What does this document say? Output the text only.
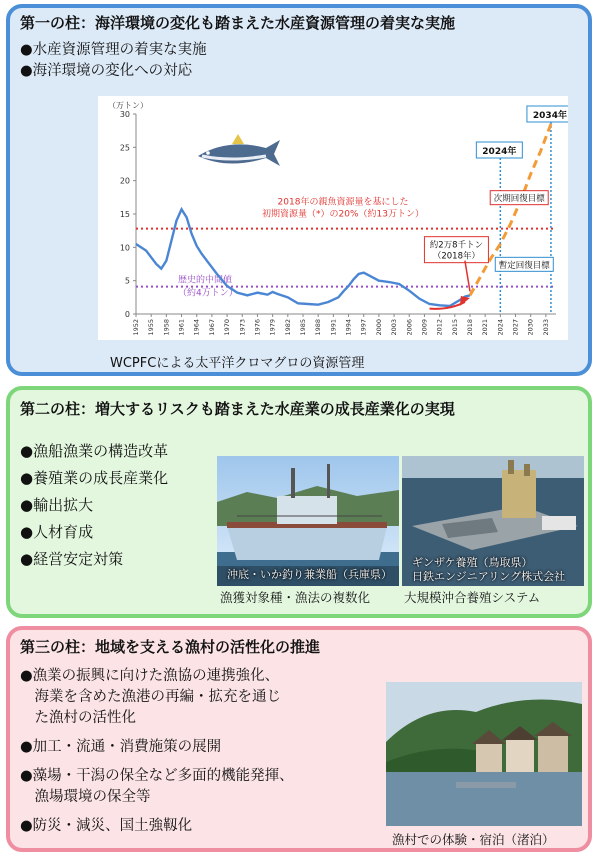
第一の柱：海洋環境の変化も踏まえた水産資源管理の着実な実施
●水産資源管理の着実な実施
●海洋環境の変化への対応
（万トン）
0
5
10
15
20
25
30
1952 1955 1958 1961 1964 1967 1970 1973 1976 1979 1982 1985 1988 1991 1994 1997 2000 2003 2006 2009 2012 2015 2018 2021 2024 2027 2030 2033
2018年の親魚資源量を基にした
初期資源量（*）の20%（約13万トン）
歴史的中間値
（約4万トン）
2024年
2034年
約2万8千トン
（2018年）
次期回復目標
暫定回復目標
WCPFCによる太平洋クロマグロの資源管理
第二の柱：増大するリスクも踏まえた水産業の成長産業化の実現
●漁船漁業の構造改革
●養殖業の成長産業化
●輸出拡大
●人材育成
●経営安定対策
沖底・いか釣り兼業船（兵庫県）
漁獲対象種・漁法の複数化
ギンザケ養殖（鳥取県）
日鉄エンジニアリング株式会社
大規模沖合養殖システム
第三の柱：地域を支える漁村の活性化の推進
●漁業の振興に向けた漁協の連携強化、
　海業を含めた漁港の再編・拡充を通じ
　た漁村の活性化
●加工・流通・消費施策の展開
●藻場・干潟の保全など多面的機能発揮、
　漁場環境の保全等
●防災・減災、国土強靱化
漁村での体験・宿泊（渚泊）
